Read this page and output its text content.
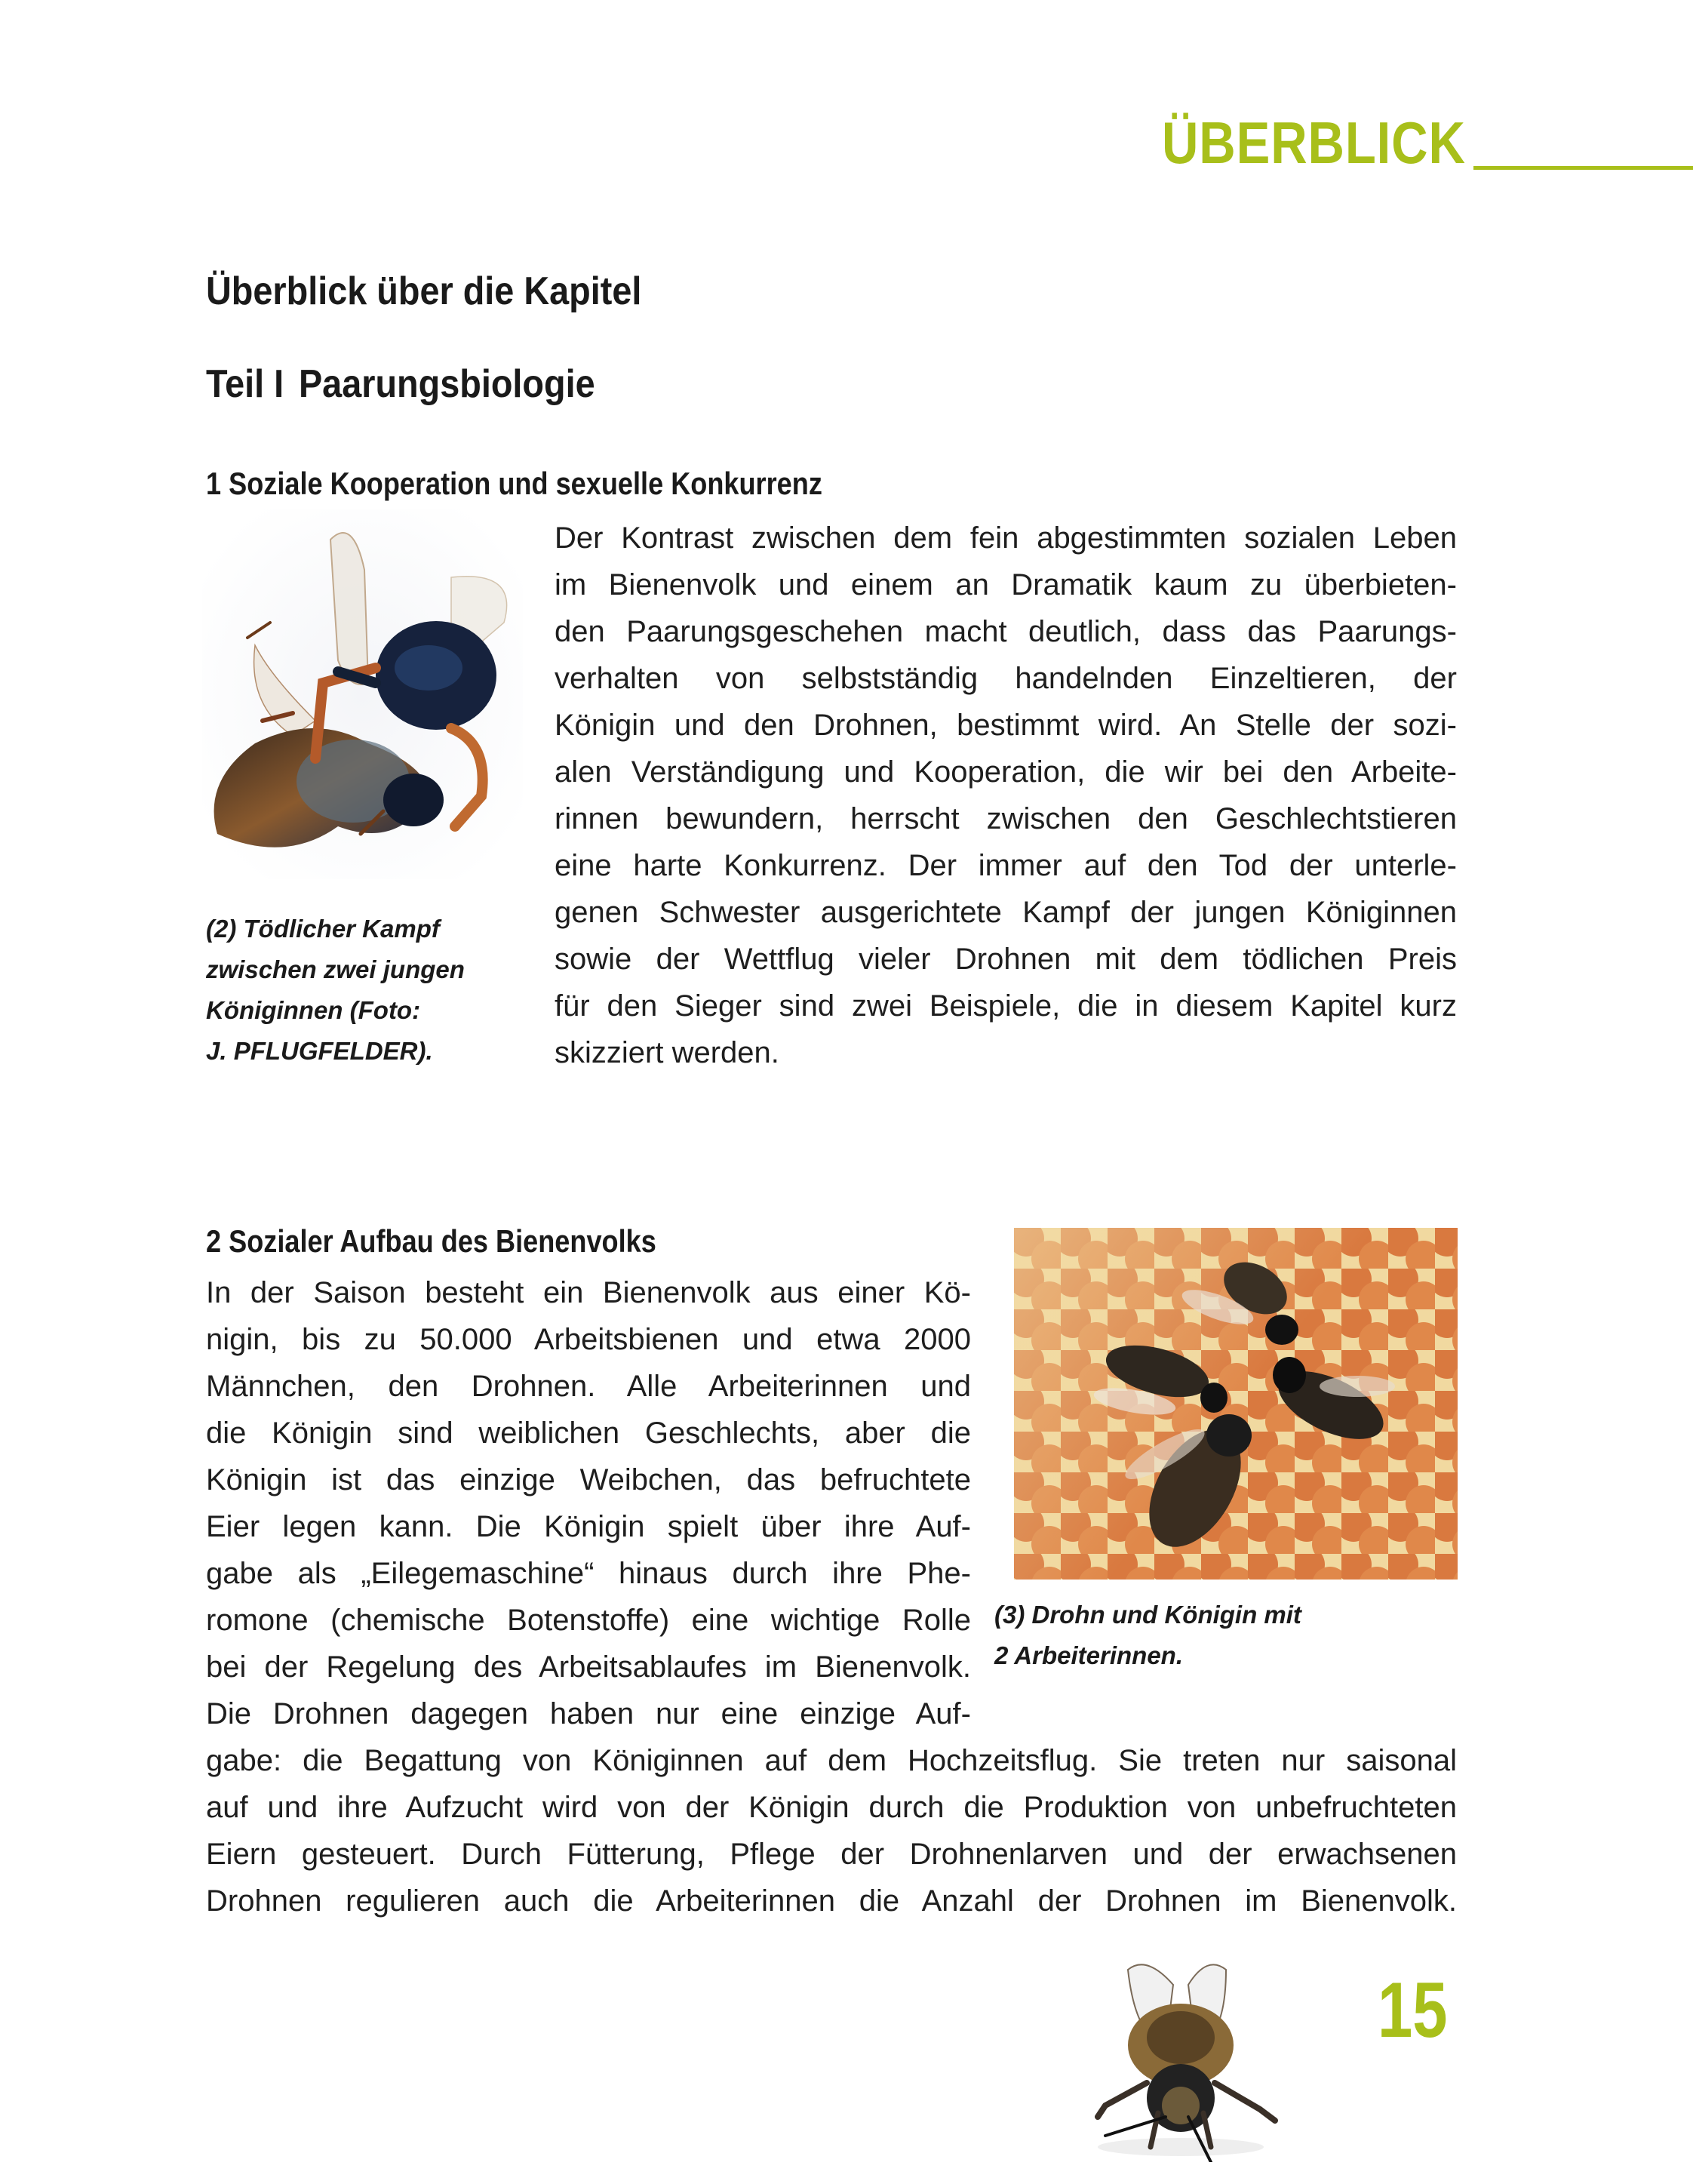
ÜBERBLICK
Überblick über die Kapitel
Teil I Paarungsbiologie
1 Soziale Kooperation und sexuelle Konkurrenz
Der Kontrast zwischen dem fein abgestimmten sozialen Leben
im Bienenvolk und einem an Dramatik kaum zu überbieten-
den Paarungsgeschehen macht deutlich, dass das Paarungs-
verhalten von selbstständig handelnden Einzeltieren, der
Königin und den Drohnen, bestimmt wird. An Stelle der sozi-
alen Verständigung und Kooperation, die wir bei den Arbeite-
rinnen bewundern, herrscht zwischen den Geschlechtstieren
eine harte Konkurrenz. Der immer auf den Tod der unterle-
genen Schwester ausgerichtete Kampf der jungen Königinnen
sowie der Wettflug vieler Drohnen mit dem tödlichen Preis
für den Sieger sind zwei Beispiele, die in diesem Kapitel kurz
skizziert werden.
(2) Tödlicher Kampf
zwischen zwei jungen
Königinnen (Foto:
J. PFLUGFELDER).
2 Sozialer Aufbau des Bienenvolks
In der Saison besteht ein Bienenvolk aus einer Kö-
nigin, bis zu 50.000 Arbeitsbienen und etwa 2000
Männchen, den Drohnen. Alle Arbeiterinnen und
die Königin sind weiblichen Geschlechts, aber die
Königin ist das einzige Weibchen, das befruchtete
Eier legen kann. Die Königin spielt über ihre Auf-
gabe als „Eilegemaschine“ hinaus durch ihre Phe-
romone (chemische Botenstoffe) eine wichtige Rolle
bei der Regelung des Arbeitsablaufes im Bienenvolk.
Die Drohnen dagegen haben nur eine einzige Auf-
gabe: die Begattung von Königinnen auf dem Hochzeitsflug. Sie treten nur saisonal
auf und ihre Aufzucht wird von der Königin durch die Produktion von unbefruchteten
Eiern gesteuert. Durch Fütterung, Pflege der Drohnenlarven und der erwachsenen
Drohnen regulieren auch die Arbeiterinnen die Anzahl der Drohnen im Bienenvolk.
(3) Drohn und Königin mit
2 Arbeiterinnen.
15
